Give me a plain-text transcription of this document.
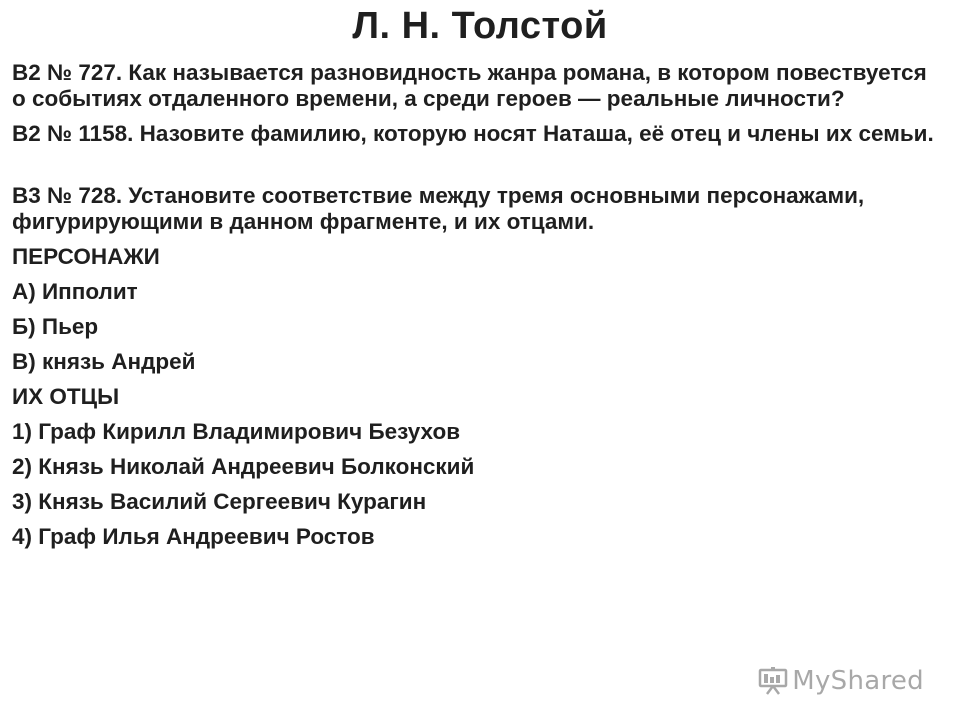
Л. Н. Толстой
В2 № 727. Как называется разновидность жанра романа, в котором повествуется о событиях отдаленного времени, а среди героев — реальные личности?
В2 № 1158. Назовите фамилию, которую носят Наташа, её отец и члены их семьи.
В3 № 728. Установите соответствие между тремя основными персонажами, фигурирующими в данном фрагменте, и их отцами.
ПЕРСОНАЖИ
А) Ипполит
Б) Пьер
В) князь Андрей
ИХ ОТЦЫ
1) Граф Кирилл Владимирович Безухов
2) Князь Николай Андреевич Болконский
3) Князь Василий Сергеевич Курагин
4) Граф Илья Андреевич Ростов
MyShared
